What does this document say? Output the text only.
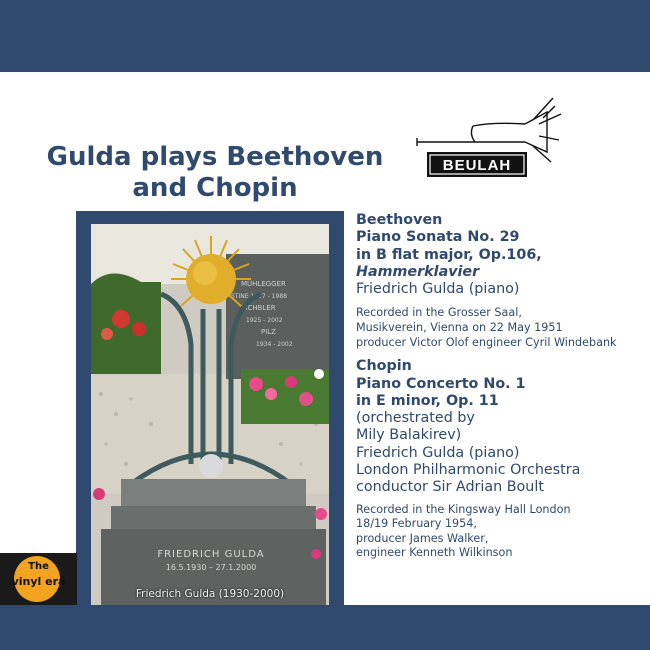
Gulda plays Beethoven
and Chopin
BEULAH
MÜHLEGGER
STINE 1907 - 1988
EICHBLER
1925 - 2002
PILZ
1934 - 2002
FRIEDRICH GULDA
16.5.1930 – 27.1.2000
Friedrich Gulda (1930-2000)
The
vinyl era
Beethoven
Piano Sonata No. 29
in B flat major, Op.106,
Hammerklavier
Friedrich Gulda (piano)
Recorded in the Grosser Saal,
Musikverein, Vienna on 22 May 1951
producer Victor Olof engineer Cyril Windebank
Chopin
Piano Concerto No. 1
in E minor, Op. 11
(orchestrated by
Mily Balakirev)
Friedrich Gulda (piano)
London Philharmonic Orchestra
conductor Sir Adrian Boult
Recorded in the Kingsway Hall London
18/19 February 1954,
producer James Walker,
engineer Kenneth Wilkinson
